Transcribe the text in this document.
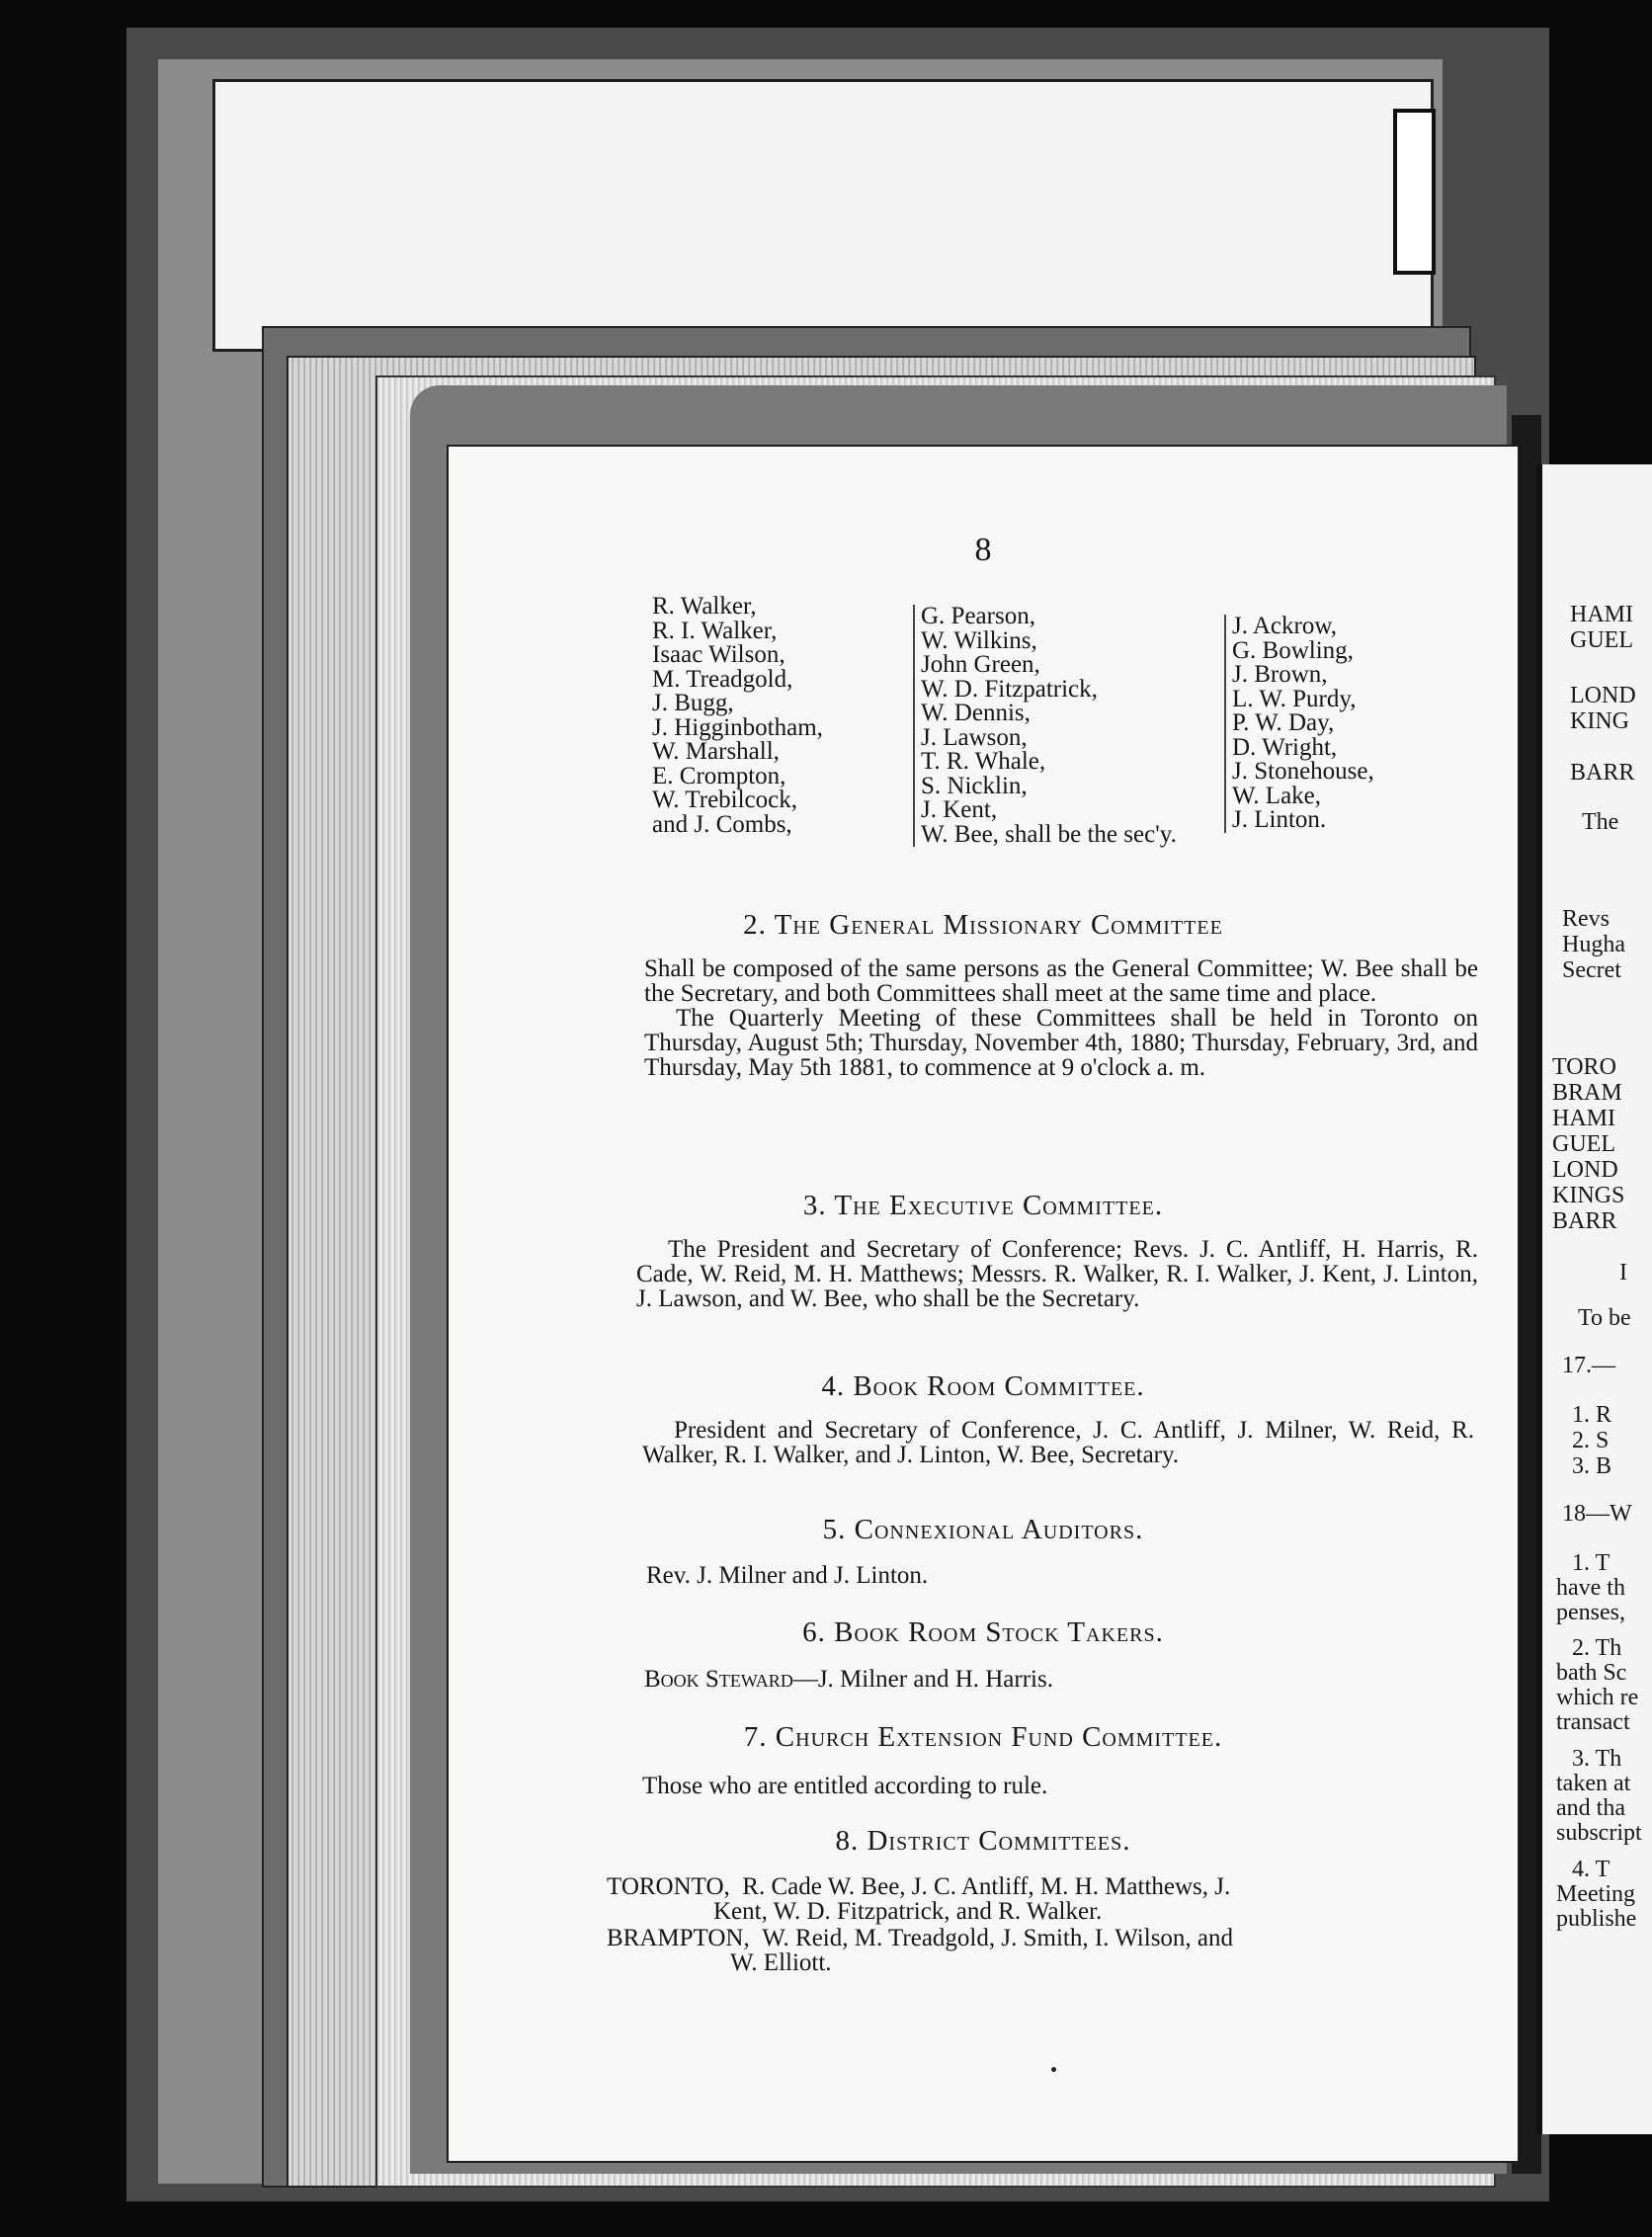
HAMI
GUEL
LOND
KING
BARR
The
Revs
Hugha
Secret
TORO
BRAM
HAMI
GUEL
LOND
KINGS
BARR
I
To be
17.—
1. R
2. S
3. B
18—W
1. T
have th
penses,
2. Th
bath Sc
which re
transact
3. Th
taken at
and tha
subscript
4. T
Meeting
publishe
8
R. Walker,
R. I. Walker,
Isaac Wilson,
M. Treadgold,
J. Bugg,
J. Higginbotham,
W. Marshall,
E. Crompton,
W. Trebilcock,
and J. Combs,
G. Pearson,
W. Wilkins,
John Green,
W. D. Fitzpatrick,
W. Dennis,
J. Lawson,
T. R. Whale,
S. Nicklin,
J. Kent,
W. Bee, shall be the sec'y.
J. Ackrow,
G. Bowling,
J. Brown,
L. W. Purdy,
P. W. Day,
D. Wright,
J. Stonehouse,
W. Lake,
J. Linton.
2. The General Missionary Committee

Shall be composed of the same persons as the General Committee; W. Bee shall be the Secretary, and both Committees shall meet at the same time and place.

The Quarterly Meeting of these Committees shall be held in Toronto on Thursday, August 5th; Thursday, November 4th, 1880; Thursday, February, 3rd, and Thursday, May 5th 1881, to commence at 9 o'clock a. m.

3. The Executive Committee.
The President and Secretary of Conference; Revs. J. C. Antliff, H. Harris, R. Cade, W. Reid, M. H. Matthews; Messrs. R. Walker, R. I. Walker, J. Kent, J. Linton, J. Lawson, and W. Bee, who shall be the Secretary.
4. Book Room Committee.
President and Secretary of Conference, J. C. Antliff, J. Milner, W. Reid, R. Walker, R. I. Walker, and J. Linton, W. Bee, Secretary.
5. Connexional Auditors.
Rev. J. Milner and J. Linton.
6. Book Room Stock Takers.
Book Steward—J. Milner and H. Harris.
7. Church Extension Fund Committee.
Those who are entitled according to rule.
8. District Committees.
TORONTO, R. Cade W. Bee, J. C. Antliff, M. H. Matthews, J.
Kent, W. D. Fitzpatrick, and R. Walker.
BRAMPTON, W. Reid, M. Treadgold, J. Smith, I. Wilson, and
W. Elliott.
